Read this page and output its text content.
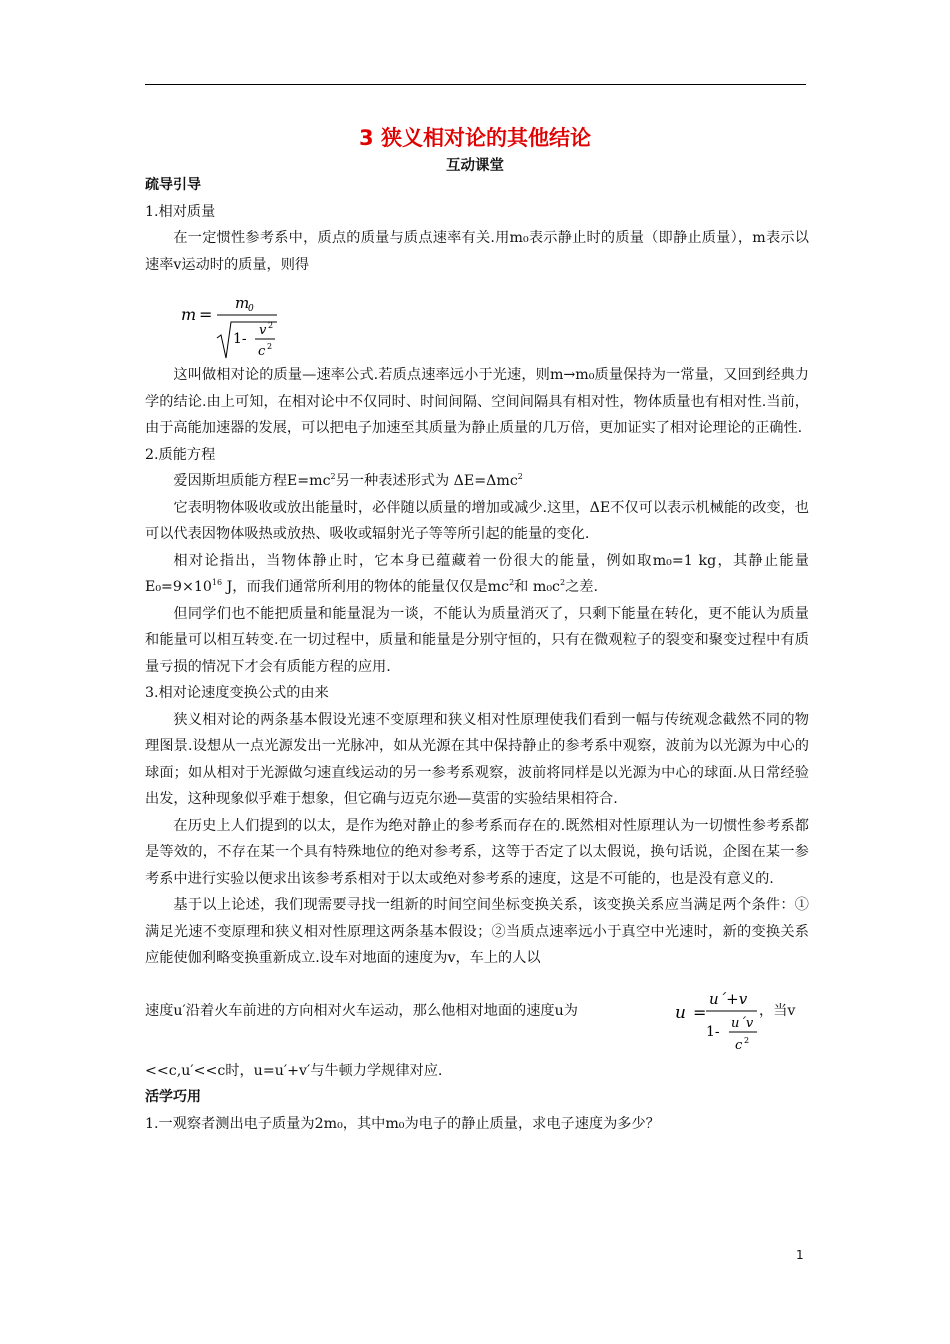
3 狭义相对论的其他结论
互动课堂

疏导引导

1.相对质量

在一定惯性参考系中，质点的质量与质点速率有关.用m₀表示静止时的质量（即静止质量），m表示以速率v运动时的质量，则得

m =
m
0
1-
v 2
c 2

这叫做相对论的质量—速率公式.若质点速率远小于光速，则m→m₀质量保持为一常量，又回到经典力学的结论.由上可知，在相对论中不仅同时、时间间隔、空间间隔具有相对性，物体质量也有相对性.当前，由于高能加速器的发展，可以把电子加速至其质量为静止质量的几万倍，更加证实了相对论理论的正确性.

2.质能方程

爱因斯坦质能方程$E=mc^2$另一种表述形式为 ΔE=Δmc$^2$

它表明物体吸收或放出能量时，必伴随以质量的增加或减少.这里，ΔE不仅可以表示机械能的改变，也可以代表因物体吸热或放热、吸收或辐射光子等等所引起的能量的变化.

相对论指出，当物体静止时，它本身已蕴藏着一份很大的能量，例如取m₀=1 kg，其静止能量$E_0=9\times 10^{16}$ J，而我们通常所利用的物体的能量仅仅是$mc^2$和 $m_0c^2$之差.

但同学们也不能把质量和能量混为一谈，不能认为质量消灭了，只剩下能量在转化，更不能认为质量和能量可以相互转变.在一切过程中，质量和能量是分别守恒的，只有在微观粒子的裂变和聚变过程中有质量亏损的情况下才会有质能方程的应用.

3.相对论速度变换公式的由来

狭义相对论的两条基本假设光速不变原理和狭义相对性原理使我们看到一幅与传统观念截然不同的物理图景.设想从一点光源发出一光脉冲，如从光源在其中保持静止的参考系中观察，波前为以光源为中心的球面；如从相对于光源做匀速直线运动的另一参考系观察，波前将同样是以光源为中心的球面.从日常经验出发，这种现象似乎难于想象，但它确与迈克尔逊—莫雷的实验结果相符合.

在历史上人们提到的以太，是作为绝对静止的参考系而存在的.既然相对性原理认为一切惯性参考系都是等效的，不存在某一个具有特殊地位的绝对参考系，这等于否定了以太假说，换句话说，企图在某一参考系中进行实验以便求出该参考系相对于以太或绝对参考系的速度，这是不可能的，也是没有意义的.

基于以上论述，我们现需要寻找一组新的时间空间坐标变换关系，该变换关系应当满足两个条件：①满足光速不变原理和狭义相对性原理这两条基本假设；②当质点速率远小于真空中光速时，新的变换关系应能使伽利略变换重新成立.设车对地面的速度为v，车上的人以

速度u′沿着火车前进的方向相对火车运动，那么他相对地面的速度u为	u =
u´+v
1-
u´v
c 2
，当v

<<c,u′<<c时，u=u′+v′与牛顿力学规律对应.

活学巧用

1.一观察者测出电子质量为2m₀，其中m₀为电子的静止质量，求电子速度为多少？

1
